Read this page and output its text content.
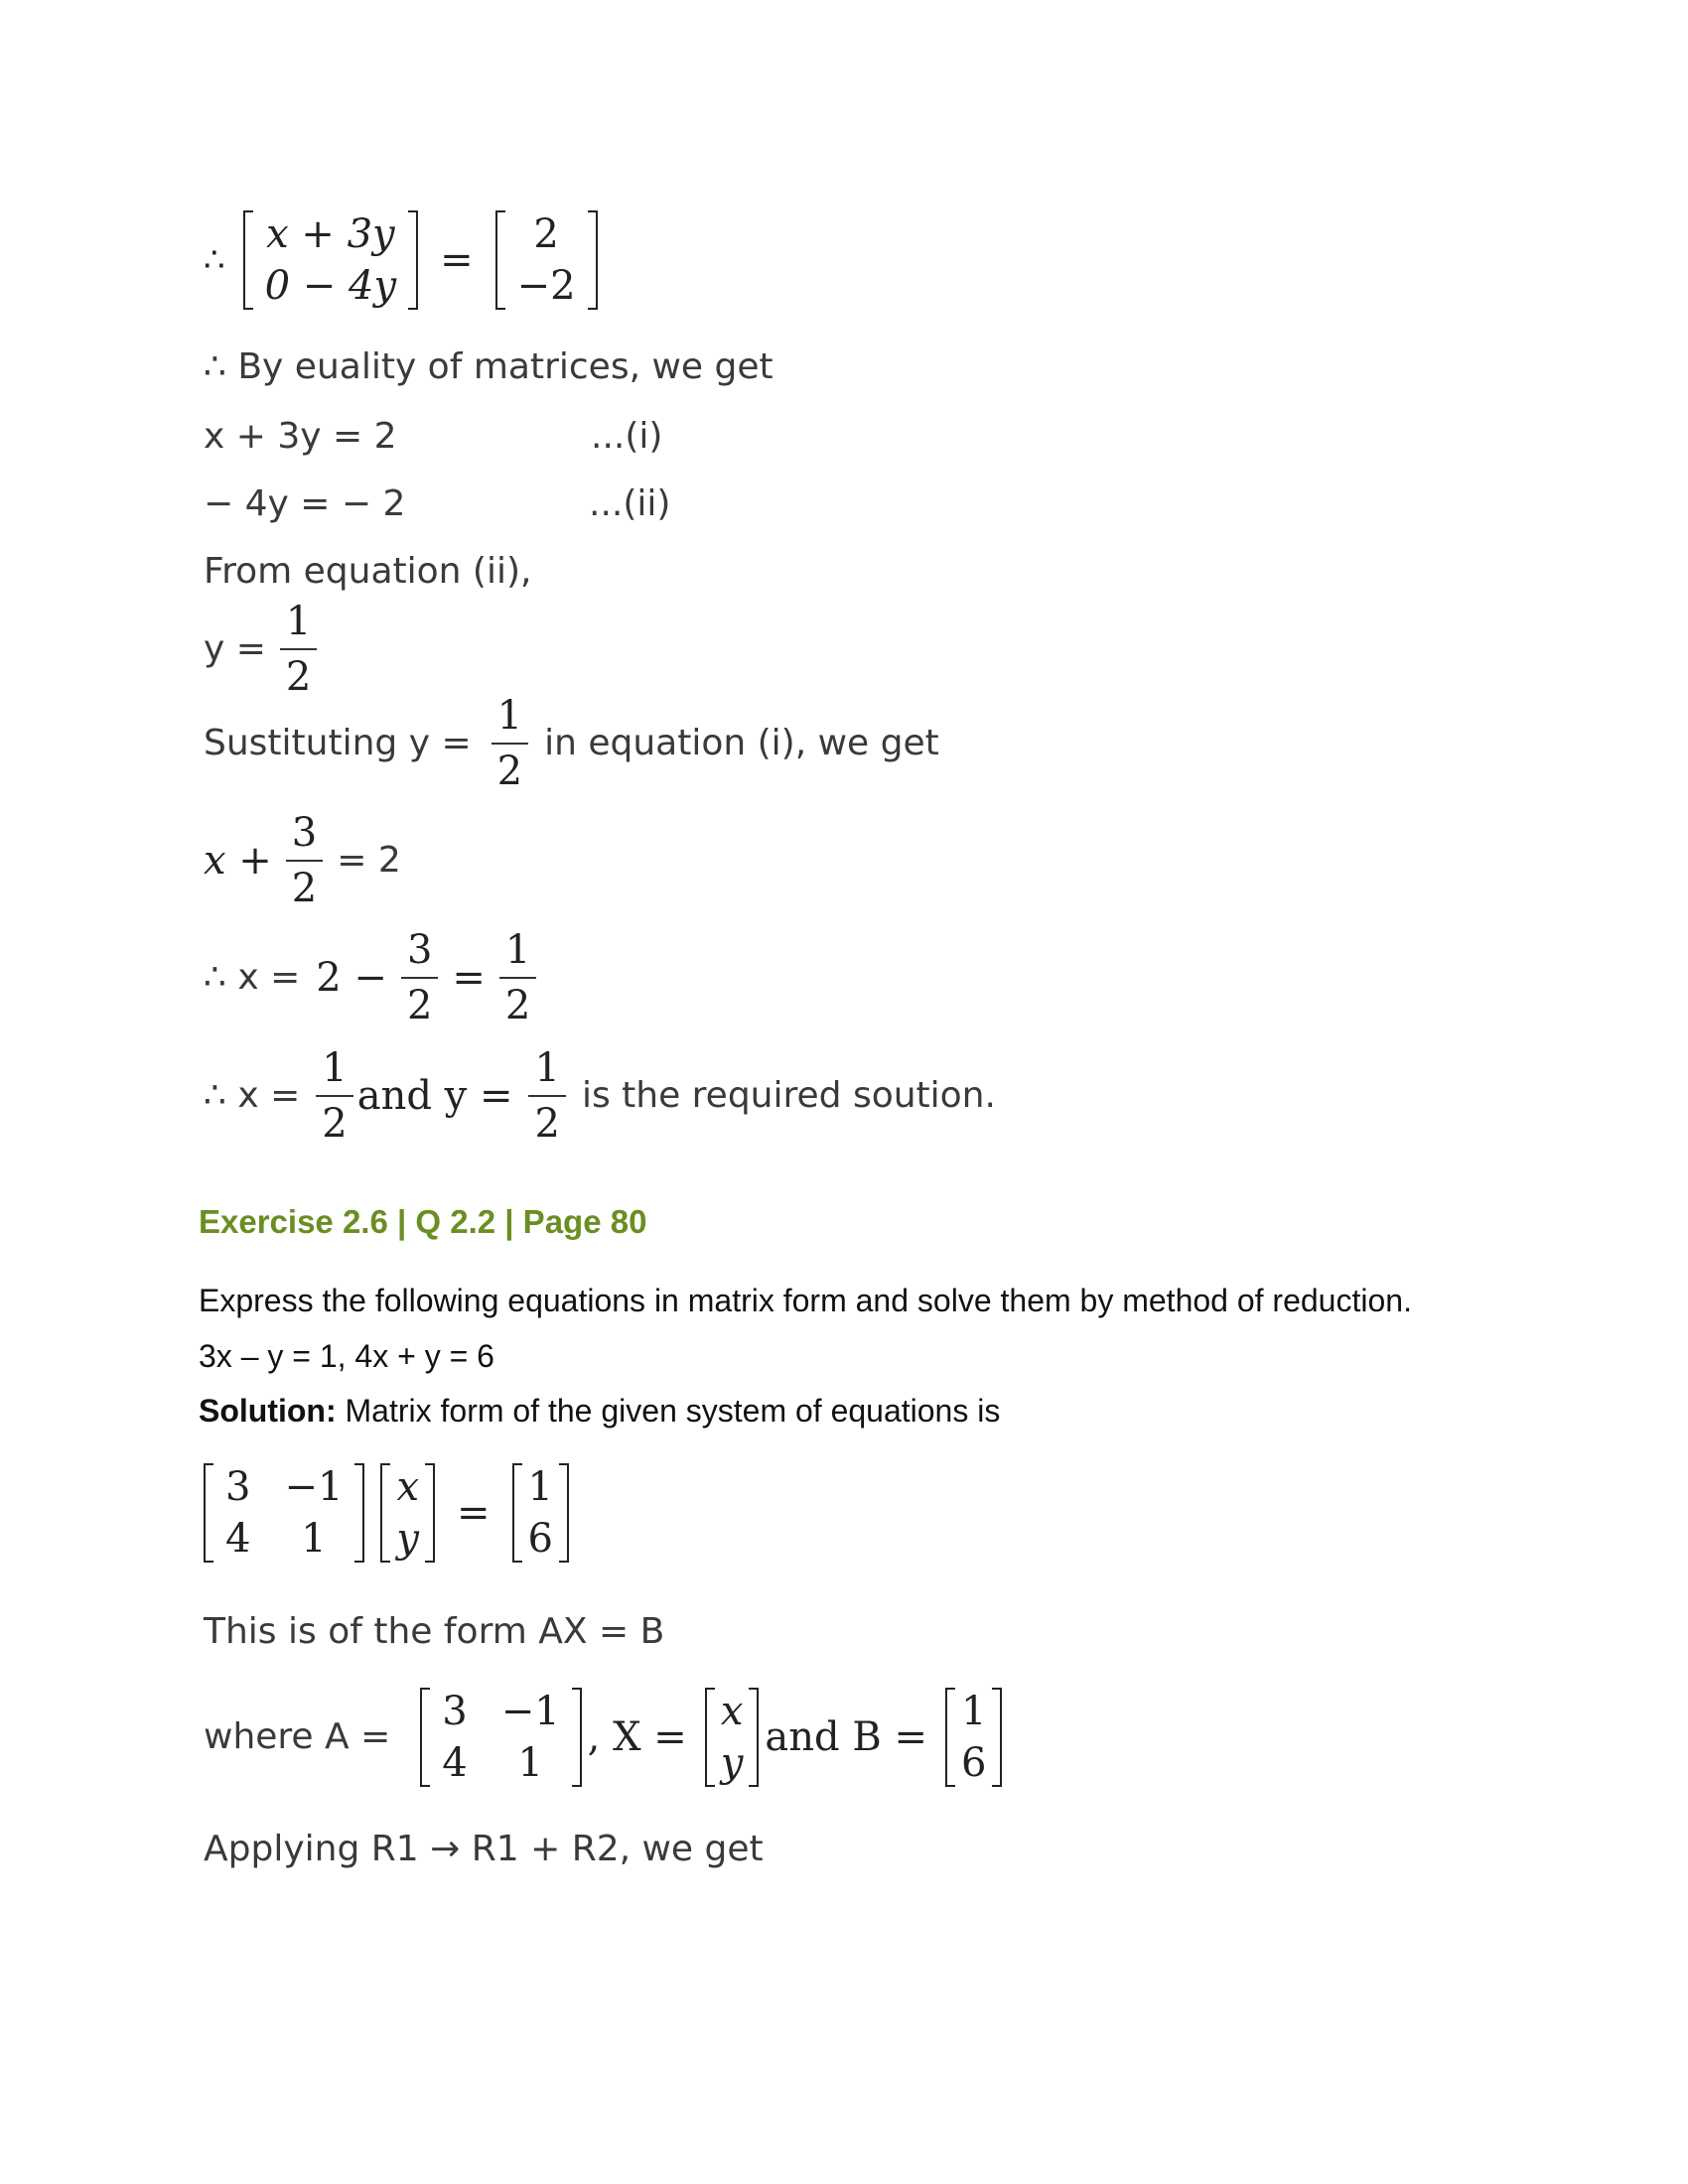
∴
x + 3y
0 − 4y
=
2
−2
∴ By euality of matrices, we get
x + 3y = 2	...(i)
− 4y = − 2	...(ii)
From equation (ii),
$y = \frac{1}{2}$
Sustituting $y = \frac{1}{2}$ in equation (i), we get
$x + \frac{3}{2} = 2$
∴ $x = 2 - \frac{3}{2} = \frac{1}{2}$
∴ $x = \frac{1}{2}$ and $y = \frac{1}{2}$ is the required soution.
Exercise 2.6 | Q 2.2 | Page 80
Express the following equations in matrix form and solve them by method of reduction.
3x – y = 1, 4x + y = 6
Solution: Matrix form of the given system of equations is
3 −1
4	1
x
y
=
1
6
This is of the form AX = B
where A =
3 −1
4	1
, X =
x
y
and B =
1
6
Applying R1 → R1 + R2, we get
